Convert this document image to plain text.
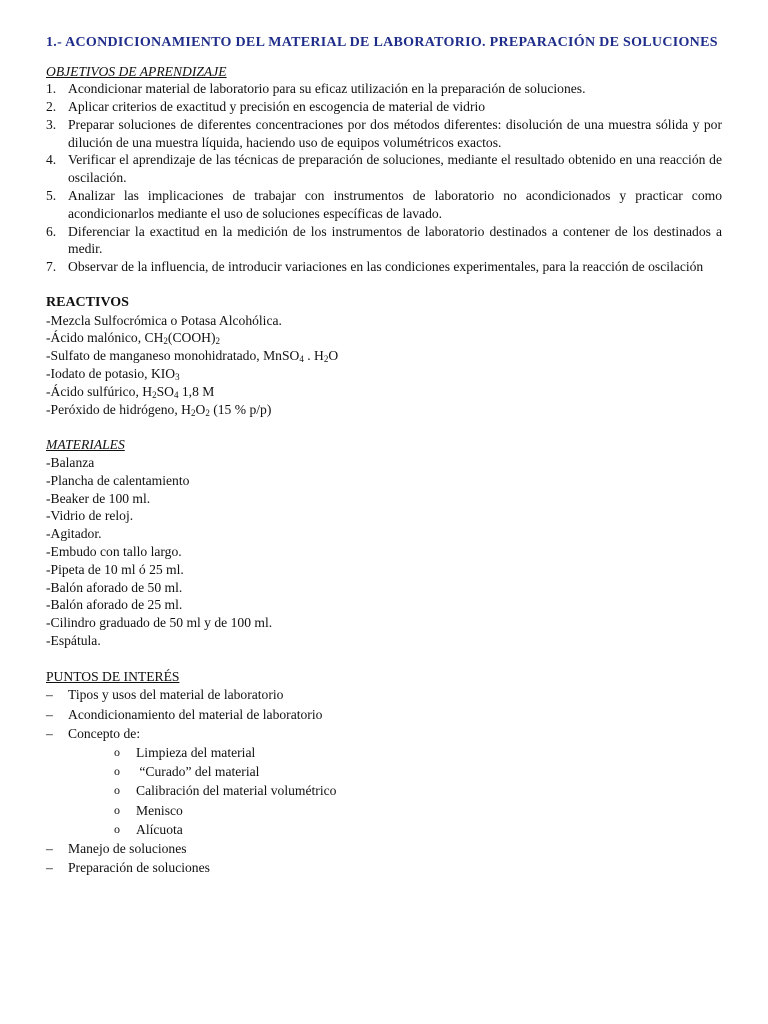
1.- ACONDICIONAMIENTO DEL MATERIAL DE LABORATORIO. PREPARACIÓN DE SOLUCIONES

OBJETIVOS DE APRENDIZAJE
1. Acondicionar material de laboratorio para su eficaz utilización en la preparación de soluciones.
2. Aplicar criterios de exactitud y precisión en escogencia de material de vidrio
3. Preparar soluciones de diferentes concentraciones por dos métodos diferentes: disolución de una muestra sólida y por dilución de una muestra líquida, haciendo uso de equipos volumétricos exactos.
4. Verificar el aprendizaje de las técnicas de preparación de soluciones, mediante el resultado obtenido en una reacción de oscilación.
5. Analizar las implicaciones de trabajar con instrumentos de laboratorio no acondicionados y practicar como acondicionarlos mediante el uso de soluciones específicas de lavado.
6. Diferenciar la exactitud en la medición de los instrumentos de laboratorio destinados a contener de los destinados a medir.
7. Observar de la influencia, de introducir variaciones en las condiciones experimentales, para la reacción de oscilación
REACTIVOS
-Mezcla Sulfocrómica o Potasa Alcohólica.
-Ácido malónico, $CH_2(COOH)_2$
-Sulfato de manganeso monohidratado, MnSO$_4$ . $H_2O$
-Iodato de potasio, $KIO_3$
-Ácido sulfúrico, $H_2SO_4$ 1,8 M
-Peróxido de hidrógeno, $H_2O_2$ (15 % p/p)
MATERIALES
-Balanza
-Plancha de calentamiento
-Beaker de 100 ml.
-Vidrio de reloj.
-Agitador.
-Embudo con tallo largo.
-Pipeta de 10 ml ó 25 ml.
-Balón aforado de 50 ml.
-Balón aforado de 25 ml.
-Cilindro graduado de 50 ml y de 100 ml.
-Espátula.
PUNTOS DE INTERÉS
–	Tipos y usos del material de laboratorio
–	Acondicionamiento del material de laboratorio
–	Concepto de:
o	Limpieza del material
o	“Curado” del material
o	Calibración del material volumétrico
o	Menisco
o	Alícuota
–	Manejo de soluciones
–	Preparación de soluciones
